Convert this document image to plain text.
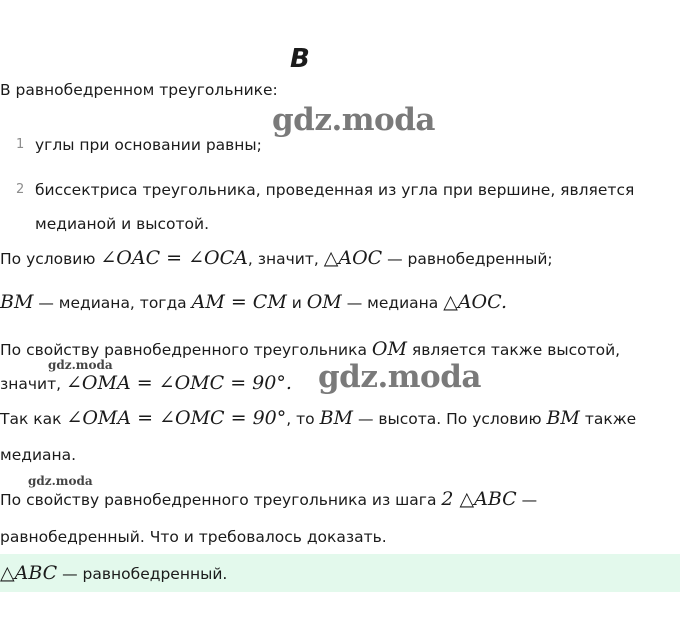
B
В равнобедренном треугольнике:
gdz.moda
1 углы при основании равны;
2 биссектриса треугольника, проведенная из угла при вершине, является
медианой и высотой.
По условию ∠OAC = ∠OCA, значит, △AOC — равнобедренный;
BM — медиана, тогда AM = CM и OM — медиана △AOC.
По свойству равнобедренного треугольника OM является также высотой,
gdz.moda
значит, ∠OMA = ∠OMC = 90°. gdz.moda
Так как ∠OMA = ∠OMC = 90°, то BM — высота. По условию BM также
медиана.
gdz.moda
По свойству равнобедренного треугольника из шага 2 △ABC —
равнобедренный. Что и требовалось доказать.
△ABC — равнобедренный.
